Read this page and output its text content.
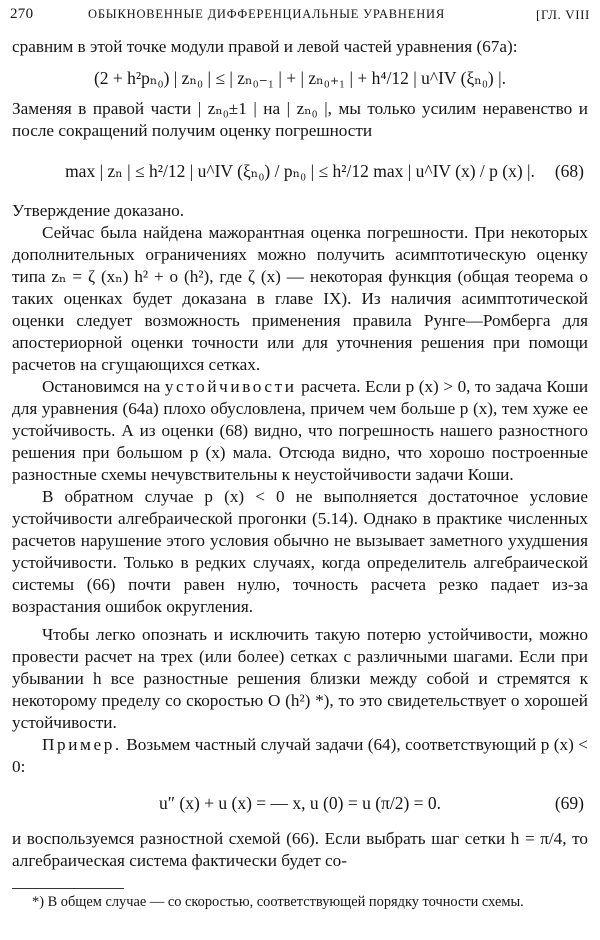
270	ОБЫКНОВЕННЫЕ ДИФФЕРЕНЦИАЛЬНЫЕ УРАВНЕНИЯ	[ГЛ. VIII

сравним в этой точке модули правой и левой частей уравнения (67а):

(2 + h²pₙ₀) | zₙ₀ | ≤ | zₙ₀₋₁ | + | zₙ₀₊₁ | + h⁴/12 | u^IV (ξₙ₀) |.

Заменяя в правой части | zₙ₀±1 | на | zₙ₀ |, мы только усилим неравенство и после сокращений получим оценку погрешности

max | zₙ | ≤ h²/12 | u^IV (ξₙ₀) / pₙ₀ | ≤ h²/12 max | u^IV (x) / p (x) |. (68)

Утверждение доказано.

Сейчас была найдена мажорантная оценка погрешности. При некоторых дополнительных ограничениях можно получить асимптотическую оценку типа zₙ = ζ (xₙ) h² + o (h²), где ζ (x) — некоторая функция (общая теорема о таких оценках будет доказана в главе IX). Из наличия асимптотической оценки следует возможность применения правила Рунге—Ромберга для апостериорной оценки точности или для уточнения решения при помощи расчетов на сгущающихся сетках.

Остановимся на устойчивости расчета. Если p (x) > 0, то задача Коши для уравнения (64а) плохо обусловлена, причем чем больше p (x), тем хуже ее устойчивость. А из оценки (68) видно, что погрешность нашего разностного решения при большом p (x) мала. Отсюда видно, что хорошо построенные разностные схемы нечувствительны к неустойчивости задачи Коши.

В обратном случае p (x) < 0 не выполняется достаточное условие устойчивости алгебраической прогонки (5.14). Однако в практике численных расчетов нарушение этого условия обычно не вызывает заметного ухудшения устойчивости. Только в редких случаях, когда определитель алгебраической системы (66) почти равен нулю, точность расчета резко падает из-за возрастания ошибок округления.

Чтобы легко опознать и исключить такую потерю устойчивости, можно провести расчет на трех (или более) сетках с различными шагами. Если при убывании h все разностные решения близки между собой и стремятся к некоторому пределу со скоростью O (h²) *), то это свидетельствует о хорошей устойчивости.

Пример. Возьмем частный случай задачи (64), соответствующий p (x) < 0:

u″ (x) + u (x) = — x, u (0) = u (π/2) = 0.	(69)

и воспользуемся разностной схемой (66). Если выбрать шаг сетки h = π/4, то алгебраическая система фактически будет со-

*) В общем случае — со скоростью, соответствующей порядку точности схемы.
